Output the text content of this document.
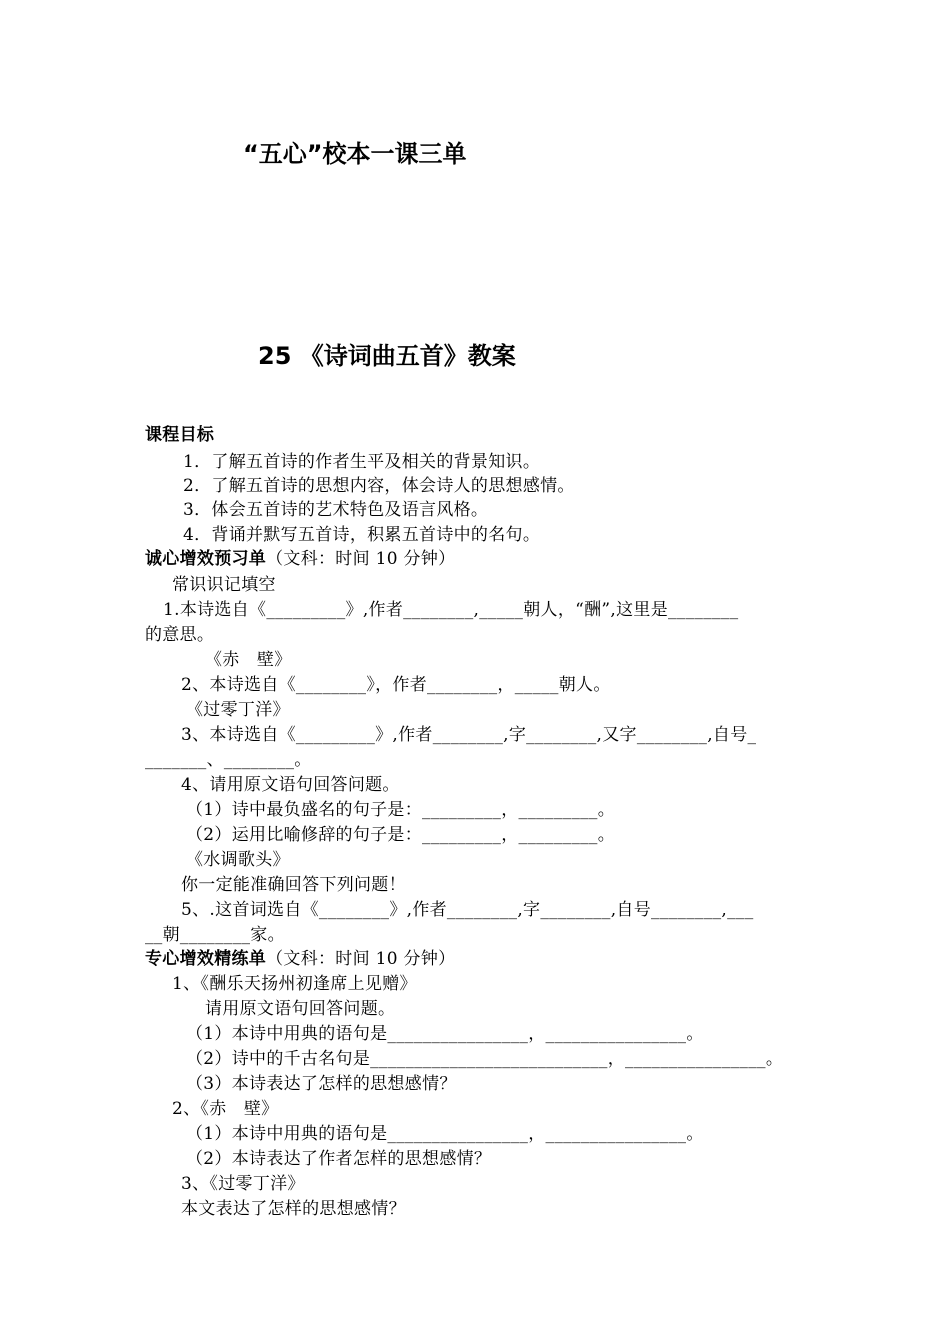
“五心”校本一课三单
25 《诗词曲五首》教案
课程目标
1．了解五首诗的作者生平及相关的背景知识。
2．了解五首诗的思想内容，体会诗人的思想感情。
3．体会五首诗的艺术特色及语言风格。
4．背诵并默写五首诗，积累五首诗中的名句。
诚心增效预习单（文科：时间 10 分钟）
常识识记填空
1.本诗选自《_________》,作者________,_____朝人，“酬”,这里是________
的意思。
《赤　壁》
2、本诗选自《________》，作者________，_____朝人。
《过零丁洋》
3、本诗选自《_________》,作者________,字________,又字________,自号_
_______、________。
4、请用原文语句回答问题。
（1）诗中最负盛名的句子是：_________，_________。
（2）运用比喻修辞的句子是：_________，_________。
《水调歌头》
你一定能准确回答下列问题！
5、.这首词选自《________》,作者________,字________,自号________,___
__朝________家。
专心增效精练单（文科：时间 10 分钟）
1、《酬乐天扬州初逢席上见赠》
请用原文语句回答问题。
（1）本诗中用典的语句是________________，________________。
（2）诗中的千古名句是___________________________，________________。
（3）本诗表达了怎样的思想感情？
2、《赤　壁》
（1）本诗中用典的语句是________________，________________。
（2）本诗表达了作者怎样的思想感情？
3、《过零丁洋》
本文表达了怎样的思想感情？
